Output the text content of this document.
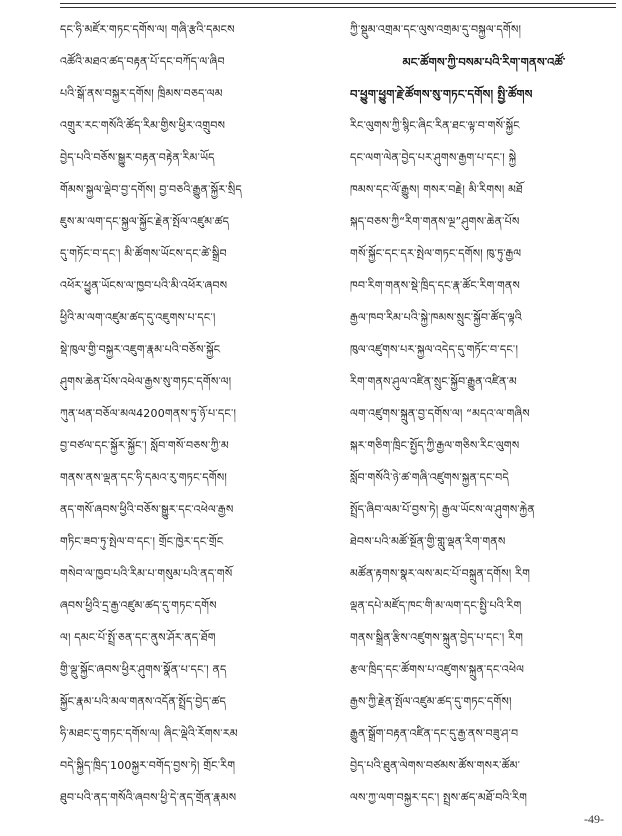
དང་ཧི་མཛོར་གཏང་དགོས་ལ། གཞི་རྩའི་དམངས
འཚོའི་མཐའ་ཚད་བརྟན་པོ་དང་བཀོད་ལ་ཞིབ
པའི་སྒོ་ནས་བསྐྱར་དགོས། ཁྲིམས་བཅད་ལམ
འགྲུར་རང་གསོའི་ཚོད་རིམ་གྱིས་ཕྱིར་འགྲུབས
བྱེད་པའི་བཅོས་སྒྱུར་བརྟན་བརྟེན་རིམ་ཡོད
གོམས་སྐྱལ་ལྡེབ་བྱ་དགོས། བྱ་བཅའི་རྒྱུན་སྐྱོར་སྲིད
ཇུས་མ་ལག་དང་སྐྱལ་སྐྱོང་རྗེན་སྤོལ་འཛུམ་ཚད
དུ་གཏོང་བ་དང་། མི་ཚོགས་ཡོངས་དང་ཚེ་སྒྲིབ
འཕོར་ཕྱུན་ཡོངས་ལ་ཁྱབ་པའི་མི་འཕོར་ཞབས
ཕྱིའི་མ་ལག་འཛུམ་ཚད་དུ་འཇུགས་པ་དང་།
སྡེ་ཁུལ་གྱི་བསྐྱར་འཇུག་རྣམ་པའི་བཅོས་སྐྱོང
ཤུགས་ཆེན་པོས་འཕེལ་རྒྱས་སུ་གཏང་དགོས་ལ།
ཀུན་ཕན་བཅོལ་མལ4200གནས་ཏུ་ཉོ་པ་དང་།
བྱ་བཙལ་དང་སྐྱོར་སྐྱོང་། སློབ་གསོ་བཅས་ཀྱི་མ
གནས་ནས་ལྡན་དང་ཧི་དམའ་རུ་གཏང་དགོས།
ནད་གསོ་ཞབས་ཕྱིའི་བཅོས་སྒྱུར་དང་འཕེལ་རྒྱས
གཏིང་ཟབ་ཏུ་སྤེལ་བ་དང་། གྲོང་ཁྱེར་དང་གྲོང
གསེབ་ལ་ཁྱབ་པའི་རིམ་པ་གསུམ་པའི་ནད་གསོ
ཞབས་ཕྱིའི་དྲ་རྒྱ་འཛུམ་ཚད་དུ་གཏང་དགོས
ལ། དམང་པོ་སྤྲོ་ཅན་དང་ནུས་ཤོར་ནད་ཐོག
གྱི་ལྡུ་སྐྱོང་ཞབས་ཕྱིར་ཤུགས་སྣོན་པ་དང་། ནད
སྐྱོང་རྣམ་པའི་མལ་གནས་འདོན་སྤྲོད་བྱེད་ཚད
ཧི་མཐང་དུ་གཏང་དགོས་ལ། ཞིང་ལྡེའི་རོགས་རམ
བདེ་སྐྱིད་ཁྲིད་100སྐྱར་བགོད་བྱས་ཏེ། གྲོང་རིག
ཐུབ་པའི་ནད་གསོའི་ཞབས་ཕྱི་དེ་ནད་གྲོན་རྣམས
ཀྱི་སྡུམ་འགྲམ་དང་ལུས་འགྲམ་དུ་བསྐྱལ་དགོས།
མང་ཚོགས་ཀྱི་བསམ་པའི་རིག་གནས་འཚོ་
བ་ཕྱུག་ཕྱུག་རྗེ་ཚོགས་སུ་གཏང་དགོས། སྤྱི་ཚོགས
རིང་ལུགས་ཀྱི་སྙིང་ཞིང་རིན་ཐང་ལྟ་བ་གསོ་སྐྱོང
དང་ལག་ལེན་བྱེད་པར་ཤུགས་རྒྱག་པ་དང་། སྐྱེ
ཁམས་དང་ལོ་རྒྱུས། གསར་བརྗེ། མི་རིགས། མཐོ
སྐད་བཅས་ཀྱི“རིག་གནས་ལྔ”ཤུགས་ཆེན་པོས
གསོ་སྐྱོང་དང་དར་སྤེལ་གཏང་དགོས། ཁུ་ཏུ་རྒྱལ
ཁབ་རིག་གནས་སྡེ་ཁྲིད་དང་རྣ་ཚོང་རིག་གནས
རྒྱལ་ཁབ་རིམ་པའི་སྐྱེ་ཁམས་སྲུང་སྐྱོབ་ཚོད་ལྟའི
ཁུལ་འཛུགས་པར་སྐྱལ་འདེད་དུ་གཏོང་བ་དང་།
རིག་གནས་ཤུལ་འཛིན་སྲུང་སྐྱོབ་རྒྱུན་འཛིན་མ
ལག་འཛུགས་སྐྲུན་བྱ་དགོས་ལ། “མདའ་ལ་གཞིས
སྐར་གཅིག་ཁྲིང་སྤྱོད་ཀྱི་རྒྱལ་གཅིས་རིང་ལུགས
སློབ་གསོའི་ཉེ་ཚ་གཞི་འཛུགས་སྐྱན་དང་བདེ
སྤྲོད་ཞིབ་ལམ་པོ་བྱས་ཏེ། རྒྱལ་ཡོངས་ལ་ཤུགས་རྐྱེན
ཐེབས་པའི་མཚོ་སྔོན་གྱི་གླུ་ལྡན་རིག་གནས
མཚོན་རྟགས་སྣར་ལས་མང་པོ་བསྐྲུན་དགོས། རིག
ལྡན་དཔེ་མཛོད་ཁང་གི་མ་ལག་དང་སྤྱི་པའི་རིག
གནས་སྒྲིན་རྩིས་འཛུགས་སྐྲུན་བྱེད་པ་དང་། རིག
རྩལ་ཁྲིད་དང་ཚོགས་པ་འཛུགས་སྐྲུན་དང་འཕེལ
རྒྱས་ཀྱི་རྗེན་སྤོལ་འཛུམ་ཚད་དུ་གཏང་དགོས།
རྒྱུན་སྒྲོག་བརྟན་འཛིན་དང་དུ་རྒྱ་ནས་བཟུ་ཤ་བ
བྱེད་པའི་ཐུན་ལེགས་བཙམས་ཚོས་གསར་ཚོམ་
ལས་ཀྱ་ལག་བསྐྱར་དང་། སྤྲས་ཚད་མཐོ་བའི་རིག
-49-
